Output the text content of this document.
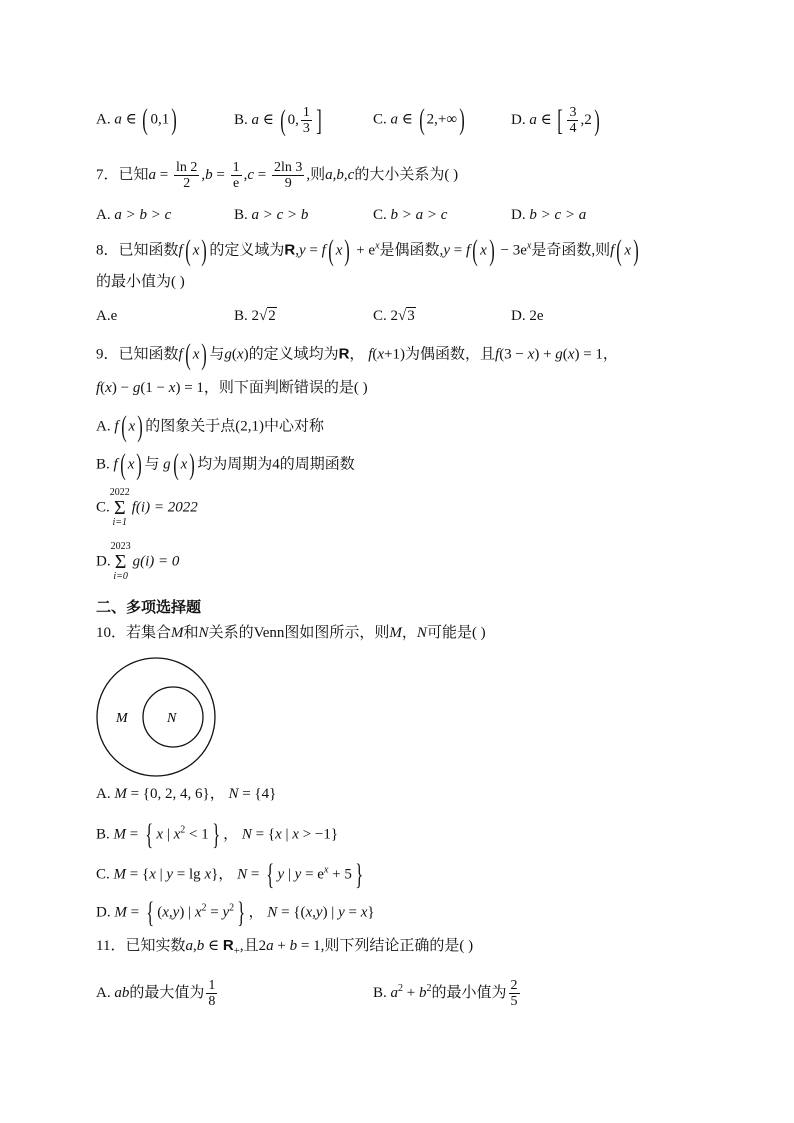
A. a ∈ ( 0,1)	B. a ∈ ( 0, $\frac{1}{3}$ ]	C. a ∈ ( 2,+∞)	D. a ∈ [ $\frac{3}{4} ,2$)
7．已知$a = \frac{\ln 2}{2} ,b = \frac{1}{e} ,c = \frac{2\ln 3}{9}$ ,则a,b,c的大小关系为( )
A. a > b > c	B. a > c > b	C. b > a > c	D. b > c > a
8．已知函数f( x) 的定义域为R,y = f( $x) + e^x$是偶函数,y = f( $x) - 3e^x$是奇函数,则f( x)
的最小值为( )
A.e	B. 2√2	C. 2√3	D. 2e
9．已知函数f( x) 与g(x)的定义域均为R， f(x+1)为偶函数，且f(3 − x) + g(x) = 1，
f(x) − g(1 − x) = 1，则下面判断错误的是( )
A. f( x) 的图象关于点(2,1)中心对称
B. f( x) 与 g( x) 均为周期为4的周期函数
C.
2022
Σ
i=1
f(i) = 2022
D.
2023
Σ
i=0
g(i) = 0
二、多项选择题
10．若集合M和N关系的Venn图如图所示，则M，N可能是( )
M	N
A. M = {0, 2, 4, 6}， N = {4}
B. M = { x | $x^2 < 1$ } ， N = {x | x > −1}
C. M = {x | y = lg x}， N = { y | $y = e^x + 5$ }
D. M = { (x,y) | $x^2 = y^2$ } ， N = {(x,y) | y = x}
11．已知实数a,b ∈ $R_+$,且2a + b = 1,则下列结论正确的是( )
A. ab的最大值为 $\frac{1}{8}$	B. $a^2 + b^2$的最小值为 $\frac{2}{5}$
